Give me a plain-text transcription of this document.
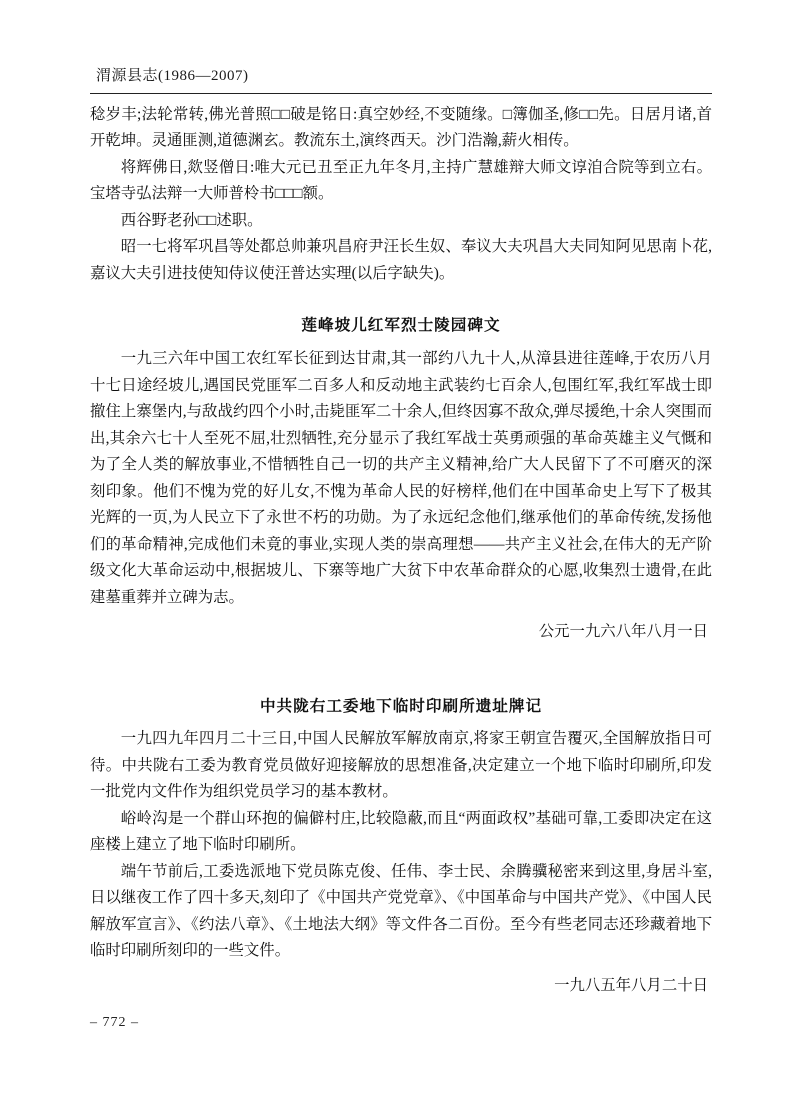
渭源县志(1986—2007)

稔岁丰;法轮常转,佛光普照□□破是铭日:真空妙经,不变随缘。□簿伽圣,修□□先。日居月诸,首开乾坤。灵通匪测,道德渊玄。教流东土,演终西天。沙门浩瀚,薪火相传。

将辉佛日,欻竖僧日:唯大元已丑至正九年冬月,主持广慧雄辩大师文谆洎合院等到立右。宝塔寺弘法辩一大师普柃书□□□额。

西谷野老孙□□述职。

昭一七将军巩昌等处都总帅兼巩昌府尹汪长生奴、奉议大夫巩昌大夫同知阿见思南卜花,嘉议大夫引进技使知侍议使汪普达实理(以后字缺失)。

莲峰坡儿红军烈士陵园碑文

一九三六年中国工农红军长征到达甘肃,其一部约八九十人,从漳县进往莲峰,于农历八月十七日途经坡儿,遇国民党匪军二百多人和反动地主武装约七百余人,包围红军,我红军战士即撤住上寨堡内,与敌战约四个小时,击毙匪军二十余人,但终因寡不敌众,弹尽援绝,十余人突围而出,其余六七十人至死不屈,壮烈牺牲,充分显示了我红军战士英勇顽强的革命英雄主义气慨和为了全人类的解放事业,不惜牺牲自己一切的共产主义精神,给广大人民留下了不可磨灭的深刻印象。他们不愧为党的好儿女,不愧为革命人民的好榜样,他们在中国革命史上写下了极其光辉的一页,为人民立下了永世不朽的功勋。为了永远纪念他们,继承他们的革命传统,发扬他们的革命精神,完成他们未竟的事业,实现人类的崇高理想——共产主义社会,在伟大的无产阶级文化大革命运动中,根据坡儿、下寨等地广大贫下中农革命群众的心愿,收集烈士遗骨,在此建墓重葬并立碑为志。

公元一九六八年八月一日

中共陇右工委地下临时印刷所遗址牌记

一九四九年四月二十三日,中国人民解放军解放南京,将家王朝宣告覆灭,全国解放指日可待。中共陇右工委为教育党员做好迎接解放的思想准备,决定建立一个地下临时印刷所,印发一批党内文件作为组织党员学习的基本教材。

峪岭沟是一个群山环抱的偏僻村庄,比较隐蔽,而且“两面政权”基础可靠,工委即决定在这座楼上建立了地下临时印刷所。

端午节前后,工委选派地下党员陈克俊、任伟、李士民、余腾骥秘密来到这里,身居斗室,日以继夜工作了四十多天,刻印了《中国共产党党章》、《中国革命与中国共产党》、《中国人民解放军宣言》、《约法八章》、《土地法大纲》等文件各二百份。至今有些老同志还珍藏着地下临时印刷所刻印的一些文件。

一九八五年八月二十日

– 772 –
